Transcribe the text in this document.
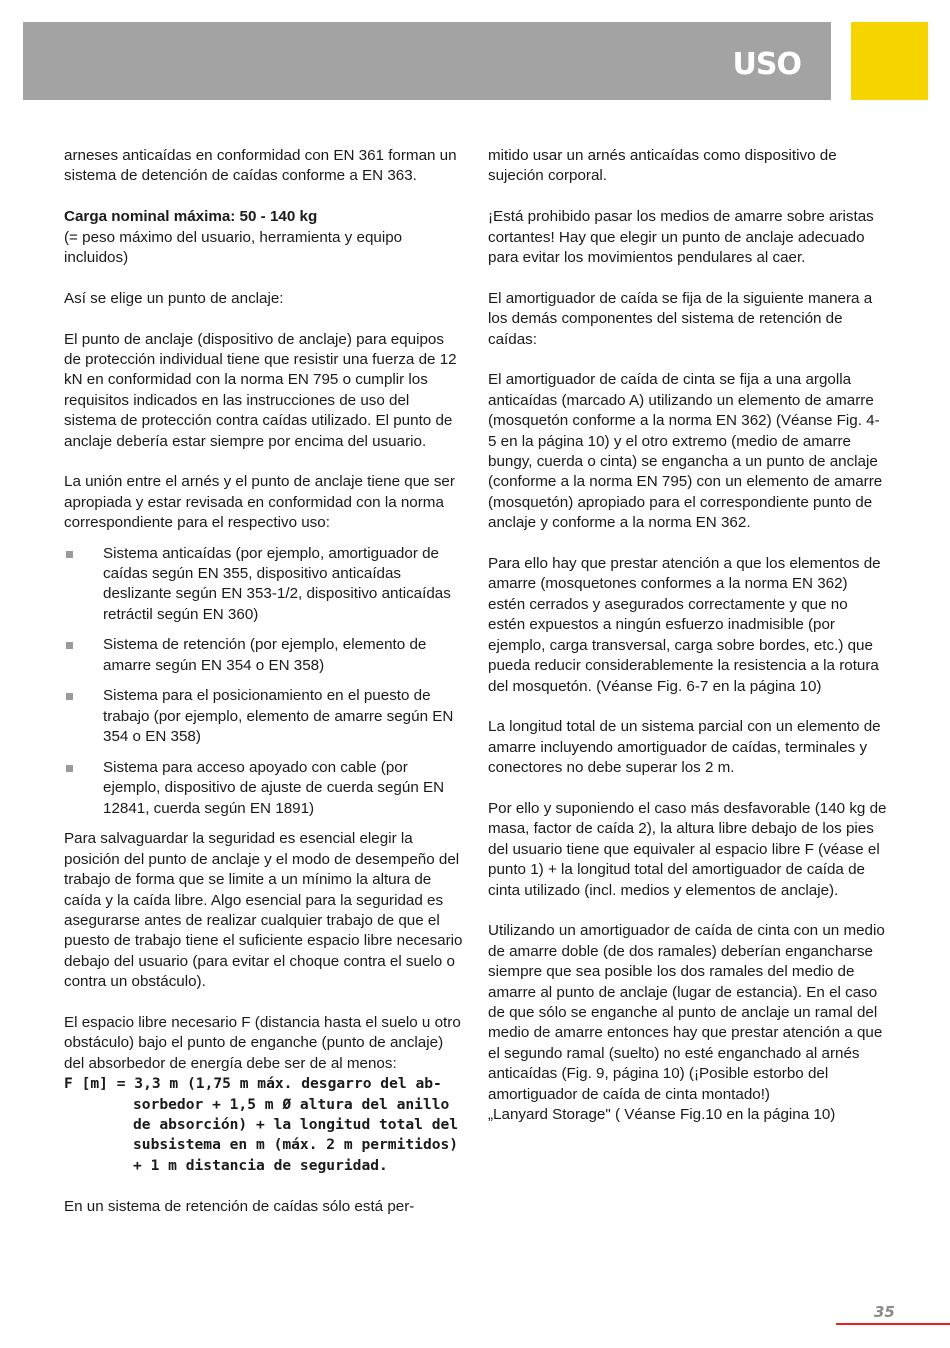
USO

arneses anticaídas en conformidad con EN 361 forman un sistema de detención de caídas conforme a EN 363.

Carga nominal máxima: 50 - 140 kg

(= peso máximo del usuario, herramienta y equipo incluidos)

Así se elige un punto de anclaje:

El punto de anclaje (dispositivo de anclaje) para equipos de protección individual tiene que resistir una fuerza de 12 kN en conformidad con la norma EN 795 o cumplir los requisitos indicados en las instrucciones de uso del sistema de protección contra caídas utilizado. El punto de anclaje debería estar siempre por encima del usuario.

La unión entre el arnés y el punto de anclaje tiene que ser apropiada y estar revisada en conformidad con la norma correspondiente para el respectivo uso:

Sistema anticaídas (por ejemplo, amortiguador de caídas según EN 355, dispositivo anticaídas deslizante según EN 353-1/2, dispositivo anticaídas retráctil según EN 360)
Sistema de retención (por ejemplo, elemento de amarre según EN 354 o EN 358)
Sistema para el posicionamiento en el puesto de trabajo (por ejemplo, elemento de amarre según EN 354 o EN 358)
Sistema para acceso apoyado con cable (por ejemplo, dispositivo de ajuste de cuerda según EN 12841, cuerda según EN 1891)

Para salvaguardar la seguridad es esencial elegir la posición del punto de anclaje y el modo de desempeño del trabajo de forma que se limite a un mínimo la altura de caída y la caída libre. Algo esencial para la seguridad es asegurarse antes de realizar cualquier trabajo de que el puesto de trabajo tiene el suficiente espacio libre necesario debajo del usuario (para evitar el choque contra el suelo o contra un obstáculo).

El espacio libre necesario F (distancia hasta el suelo u otro obstáculo) bajo el punto de enganche (punto de anclaje) del absorbedor de energía debe ser de al menos:

F [m] = 3,3 m (1,75 m máx. desgarro del ab-
sorbedor + 1,5 m Ø altura del anillo de absorción) + la longitud total del subsistema en m (máx. 2 m permitidos) + 1 m distancia de seguridad.

En un sistema de retención de caídas sólo está per-

mitido usar un arnés anticaídas como dispositivo de sujeción corporal.

¡Está prohibido pasar los medios de amarre sobre aristas cortantes! Hay que elegir un punto de anclaje adecuado para evitar los movimientos pendulares al caer.

El amortiguador de caída se fija de la siguiente manera a los demás componentes del sistema de retención de caídas:

El amortiguador de caída de cinta se fija a una argolla anticaídas (marcado A) utilizando un elemento de amarre (mosquetón conforme a la norma EN 362) (Véanse Fig. 4-5 en la página 10) y el otro extremo (medio de amarre bungy, cuerda o cinta) se engancha a un punto de anclaje (conforme a la norma EN 795) con un elemento de amarre (mosquetón) apropiado para el correspondiente punto de anclaje y conforme a la norma EN 362.

Para ello hay que prestar atención a que los elementos de amarre (mosquetones conformes a la norma EN 362) estén cerrados y asegurados correctamente y que no estén expuestos a ningún esfuerzo inadmisible (por ejemplo, carga transversal, carga sobre bordes, etc.) que pueda reducir considerablemente la resistencia a la rotura del mosquetón. (Véanse Fig. 6-7 en la página 10)

La longitud total de un sistema parcial con un elemento de amarre incluyendo amortiguador de caídas, terminales y conectores no debe superar los 2 m.

Por ello y suponiendo el caso más desfavorable (140 kg de masa, factor de caída 2), la altura libre debajo de los pies del usuario tiene que equivaler al espacio libre F (véase el punto 1) + la longitud total del amortiguador de caída de cinta utilizado (incl. medios y elementos de anclaje).

Utilizando un amortiguador de caída de cinta con un medio de amarre doble (de dos ramales) deberían engancharse siempre que sea posible los dos ramales del medio de amarre al punto de anclaje (lugar de estancia). En el caso de que sólo se enganche al punto de anclaje un ramal del medio de amarre entonces hay que prestar atención a que el segundo ramal (suelto) no esté enganchado al arnés anticaídas (Fig. 9, página 10) (¡Posible estorbo del amortiguador de caída de cinta montado!)

„Lanyard Storage" ( Véanse Fig.10 en la página 10)

35
